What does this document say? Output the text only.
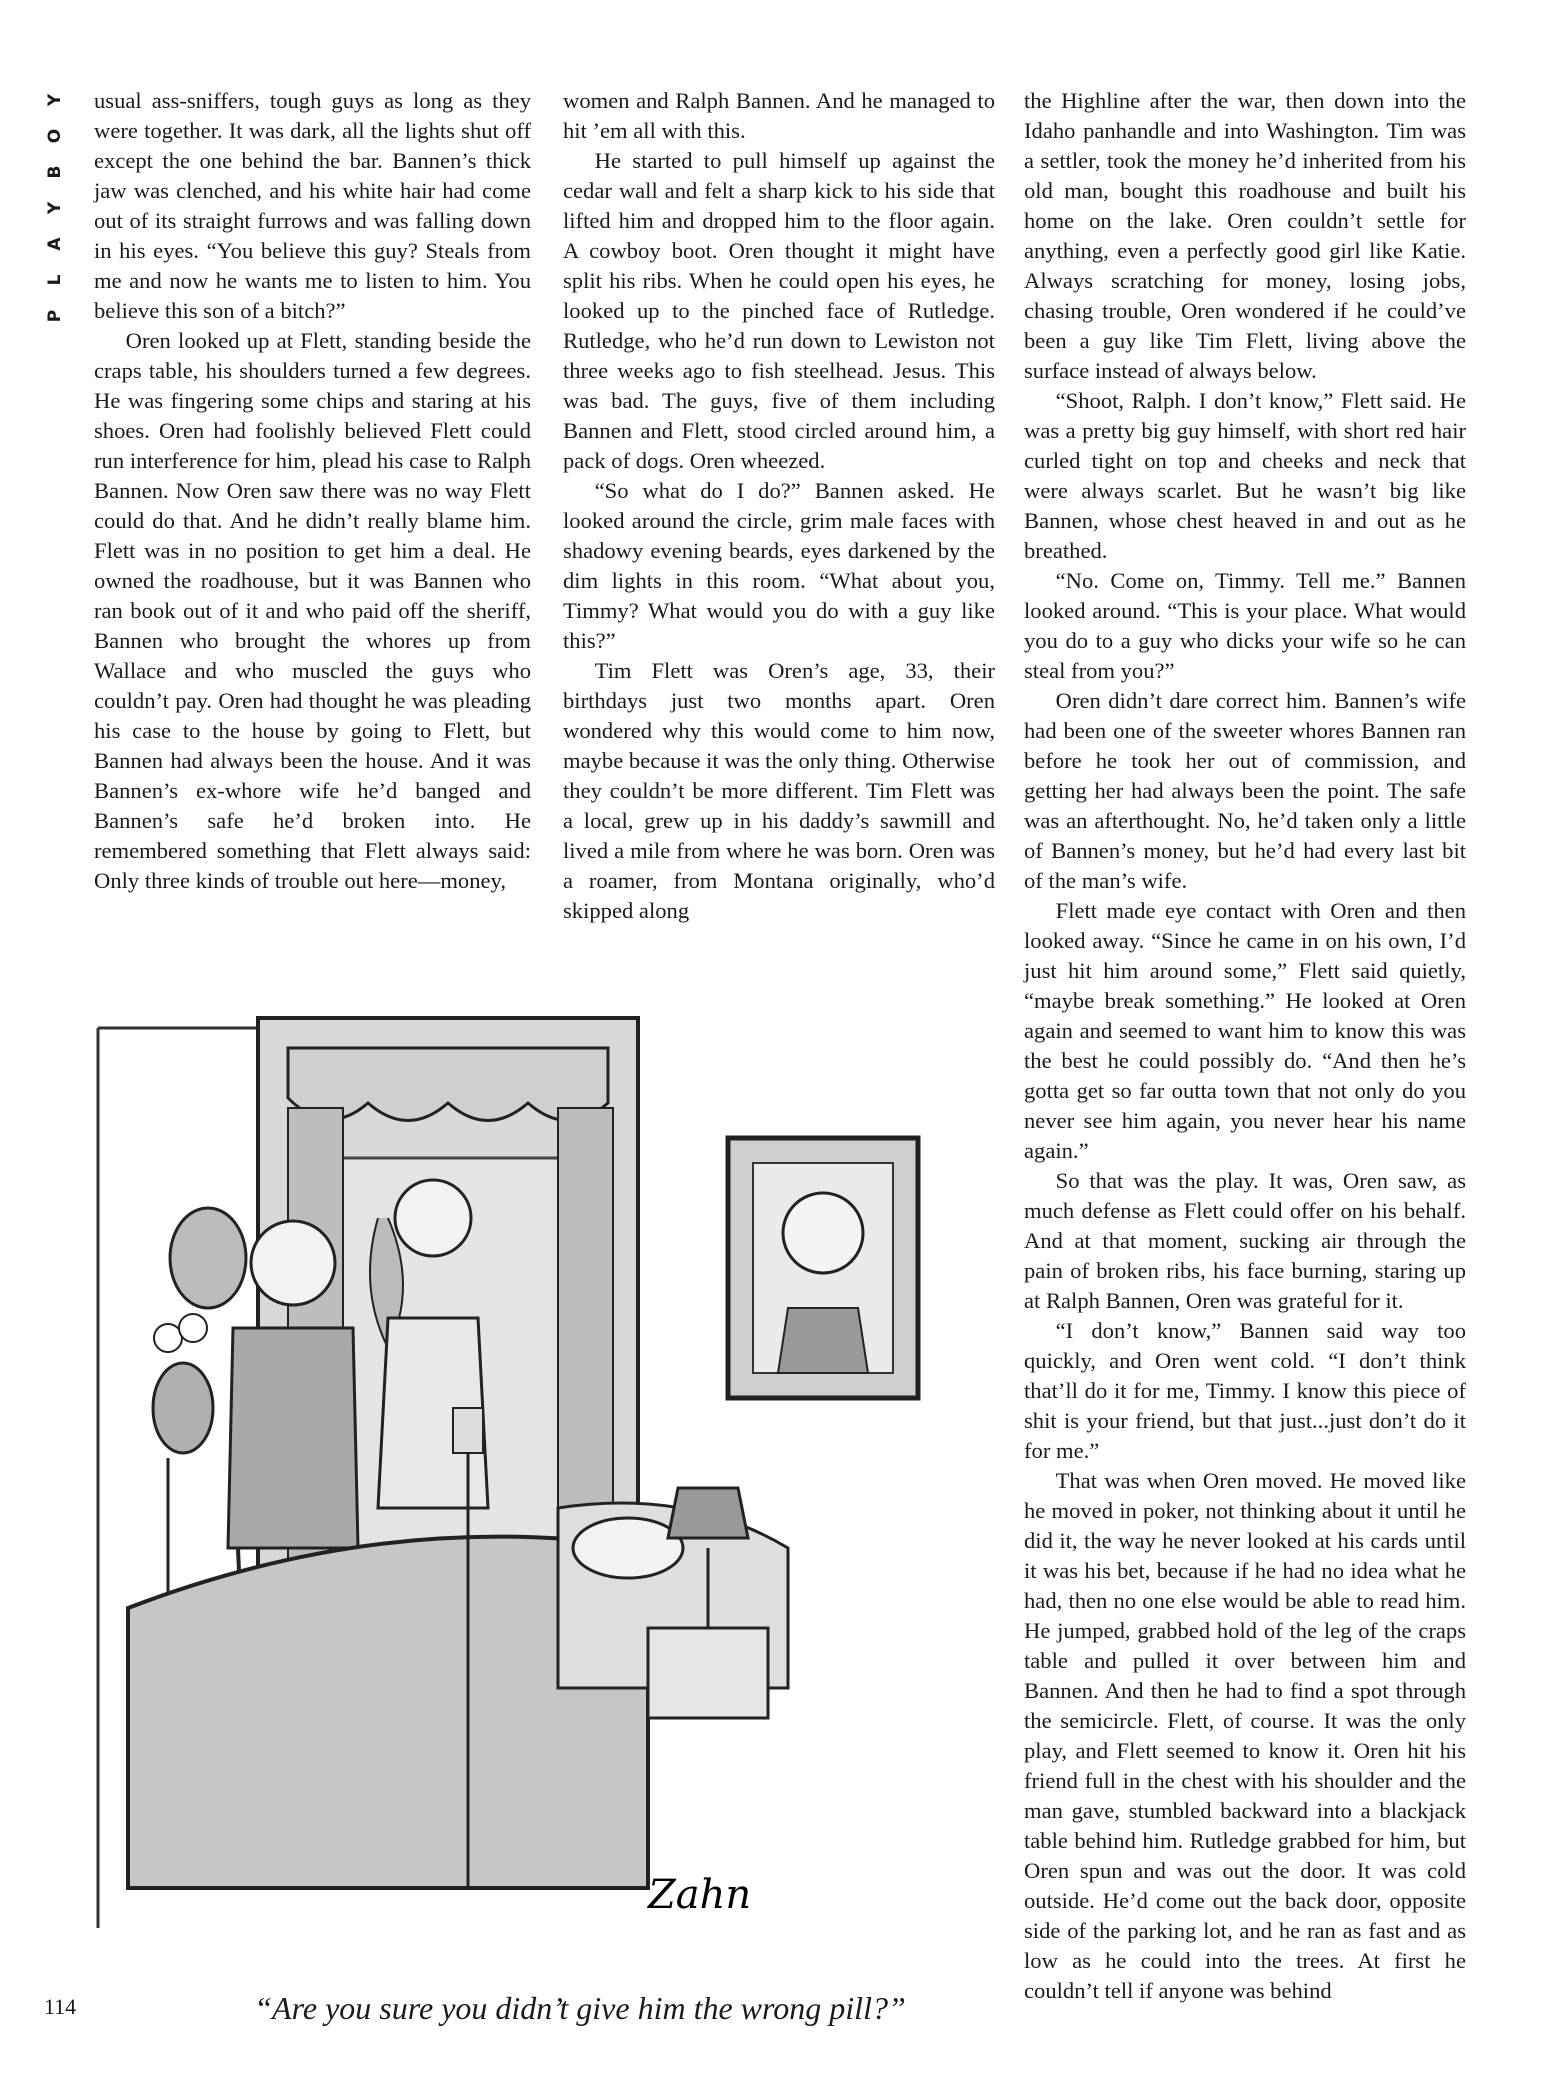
Y
O
B
Y
A
L
P

usual ass-sniffers, tough guys as long as they were together. It was dark, all the lights shut off except the one behind the bar. Bannen’s thick jaw was clenched, and his white hair had come out of its straight furrows and was falling down in his eyes. “You believe this guy? Steals from me and now he wants me to listen to him. You believe this son of a bitch?”

Oren looked up at Flett, standing beside the craps table, his shoulders turned a few degrees. He was fingering some chips and staring at his shoes. Oren had foolishly believed Flett could run interference for him, plead his case to Ralph Bannen. Now Oren saw there was no way Flett could do that. And he didn’t really blame him. Flett was in no position to get him a deal. He owned the roadhouse, but it was Bannen who ran book out of it and who paid off the sheriff, Bannen who brought the whores up from Wallace and who muscled the guys who couldn’t pay. Oren had thought he was pleading his case to the house by going to Flett, but Bannen had always been the house. And it was Bannen’s ex-whore wife he’d banged and Bannen’s safe he’d broken into. He remembered something that Flett always said: Only three kinds of trouble out here—money,

women and Ralph Bannen. And he managed to hit ’em all with this.

He started to pull himself up against the cedar wall and felt a sharp kick to his side that lifted him and dropped him to the floor again. A cowboy boot. Oren thought it might have split his ribs. When he could open his eyes, he looked up to the pinched face of Rutledge. Rutledge, who he’d run down to Lewiston not three weeks ago to fish steelhead. Jesus. This was bad. The guys, five of them including Bannen and Flett, stood circled around him, a pack of dogs. Oren wheezed.

“So what do I do?” Bannen asked. He looked around the circle, grim male faces with shadowy evening beards, eyes darkened by the dim lights in this room. “What about you, Timmy? What would you do with a guy like this?”

Tim Flett was Oren’s age, 33, their birthdays just two months apart. Oren wondered why this would come to him now, maybe because it was the only thing. Otherwise they couldn’t be more different. Tim Flett was a local, grew up in his daddy’s sawmill and lived a mile from where he was born. Oren was a roamer, from Montana originally, who’d skipped along

the Highline after the war, then down into the Idaho panhandle and into Washington. Tim was a settler, took the money he’d inherited from his old man, bought this roadhouse and built his home on the lake. Oren couldn’t settle for anything, even a perfectly good girl like Katie. Always scratching for money, losing jobs, chasing trouble, Oren wondered if he could’ve been a guy like Tim Flett, living above the surface instead of always below.

“Shoot, Ralph. I don’t know,” Flett said. He was a pretty big guy himself, with short red hair curled tight on top and cheeks and neck that were always scarlet. But he wasn’t big like Bannen, whose chest heaved in and out as he breathed.

“No. Come on, Timmy. Tell me.” Bannen looked around. “This is your place. What would you do to a guy who dicks your wife so he can steal from you?”

Oren didn’t dare correct him. Bannen’s wife had been one of the sweeter whores Bannen ran before he took her out of commission, and getting her had always been the point. The safe was an afterthought. No, he’d taken only a little of Bannen’s money, but he’d had every last bit of the man’s wife.

Flett made eye contact with Oren and then looked away. “Since he came in on his own, I’d just hit him around some,” Flett said quietly, “maybe break something.” He looked at Oren again and seemed to want him to know this was the best he could possibly do. “And then he’s gotta get so far outta town that not only do you never see him again, you never hear his name again.”

So that was the play. It was, Oren saw, as much defense as Flett could offer on his behalf. And at that moment, sucking air through the pain of broken ribs, his face burning, staring up at Ralph Bannen, Oren was grateful for it.

“I don’t know,” Bannen said way too quickly, and Oren went cold. “I don’t think that’ll do it for me, Timmy. I know this piece of shit is your friend, but that just...just don’t do it for me.”

That was when Oren moved. He moved like he moved in poker, not thinking about it until he did it, the way he never looked at his cards until it was his bet, because if he had no idea what he had, then no one else would be able to read him. He jumped, grabbed hold of the leg of the craps table and pulled it over between him and Bannen. And then he had to find a spot through the semicircle. Flett, of course. It was the only play, and Flett seemed to know it. Oren hit his friend full in the chest with his shoulder and the man gave, stumbled backward into a blackjack table behind him. Rutledge grabbed for him, but Oren spun and was out the door. It was cold outside. He’d come out the back door, opposite side of the parking lot, and he ran as fast and as low as he could into the trees. At first he couldn’t tell if anyone was behind

Zahn
“Are you sure you didn’t give him the wrong pill?”
114
